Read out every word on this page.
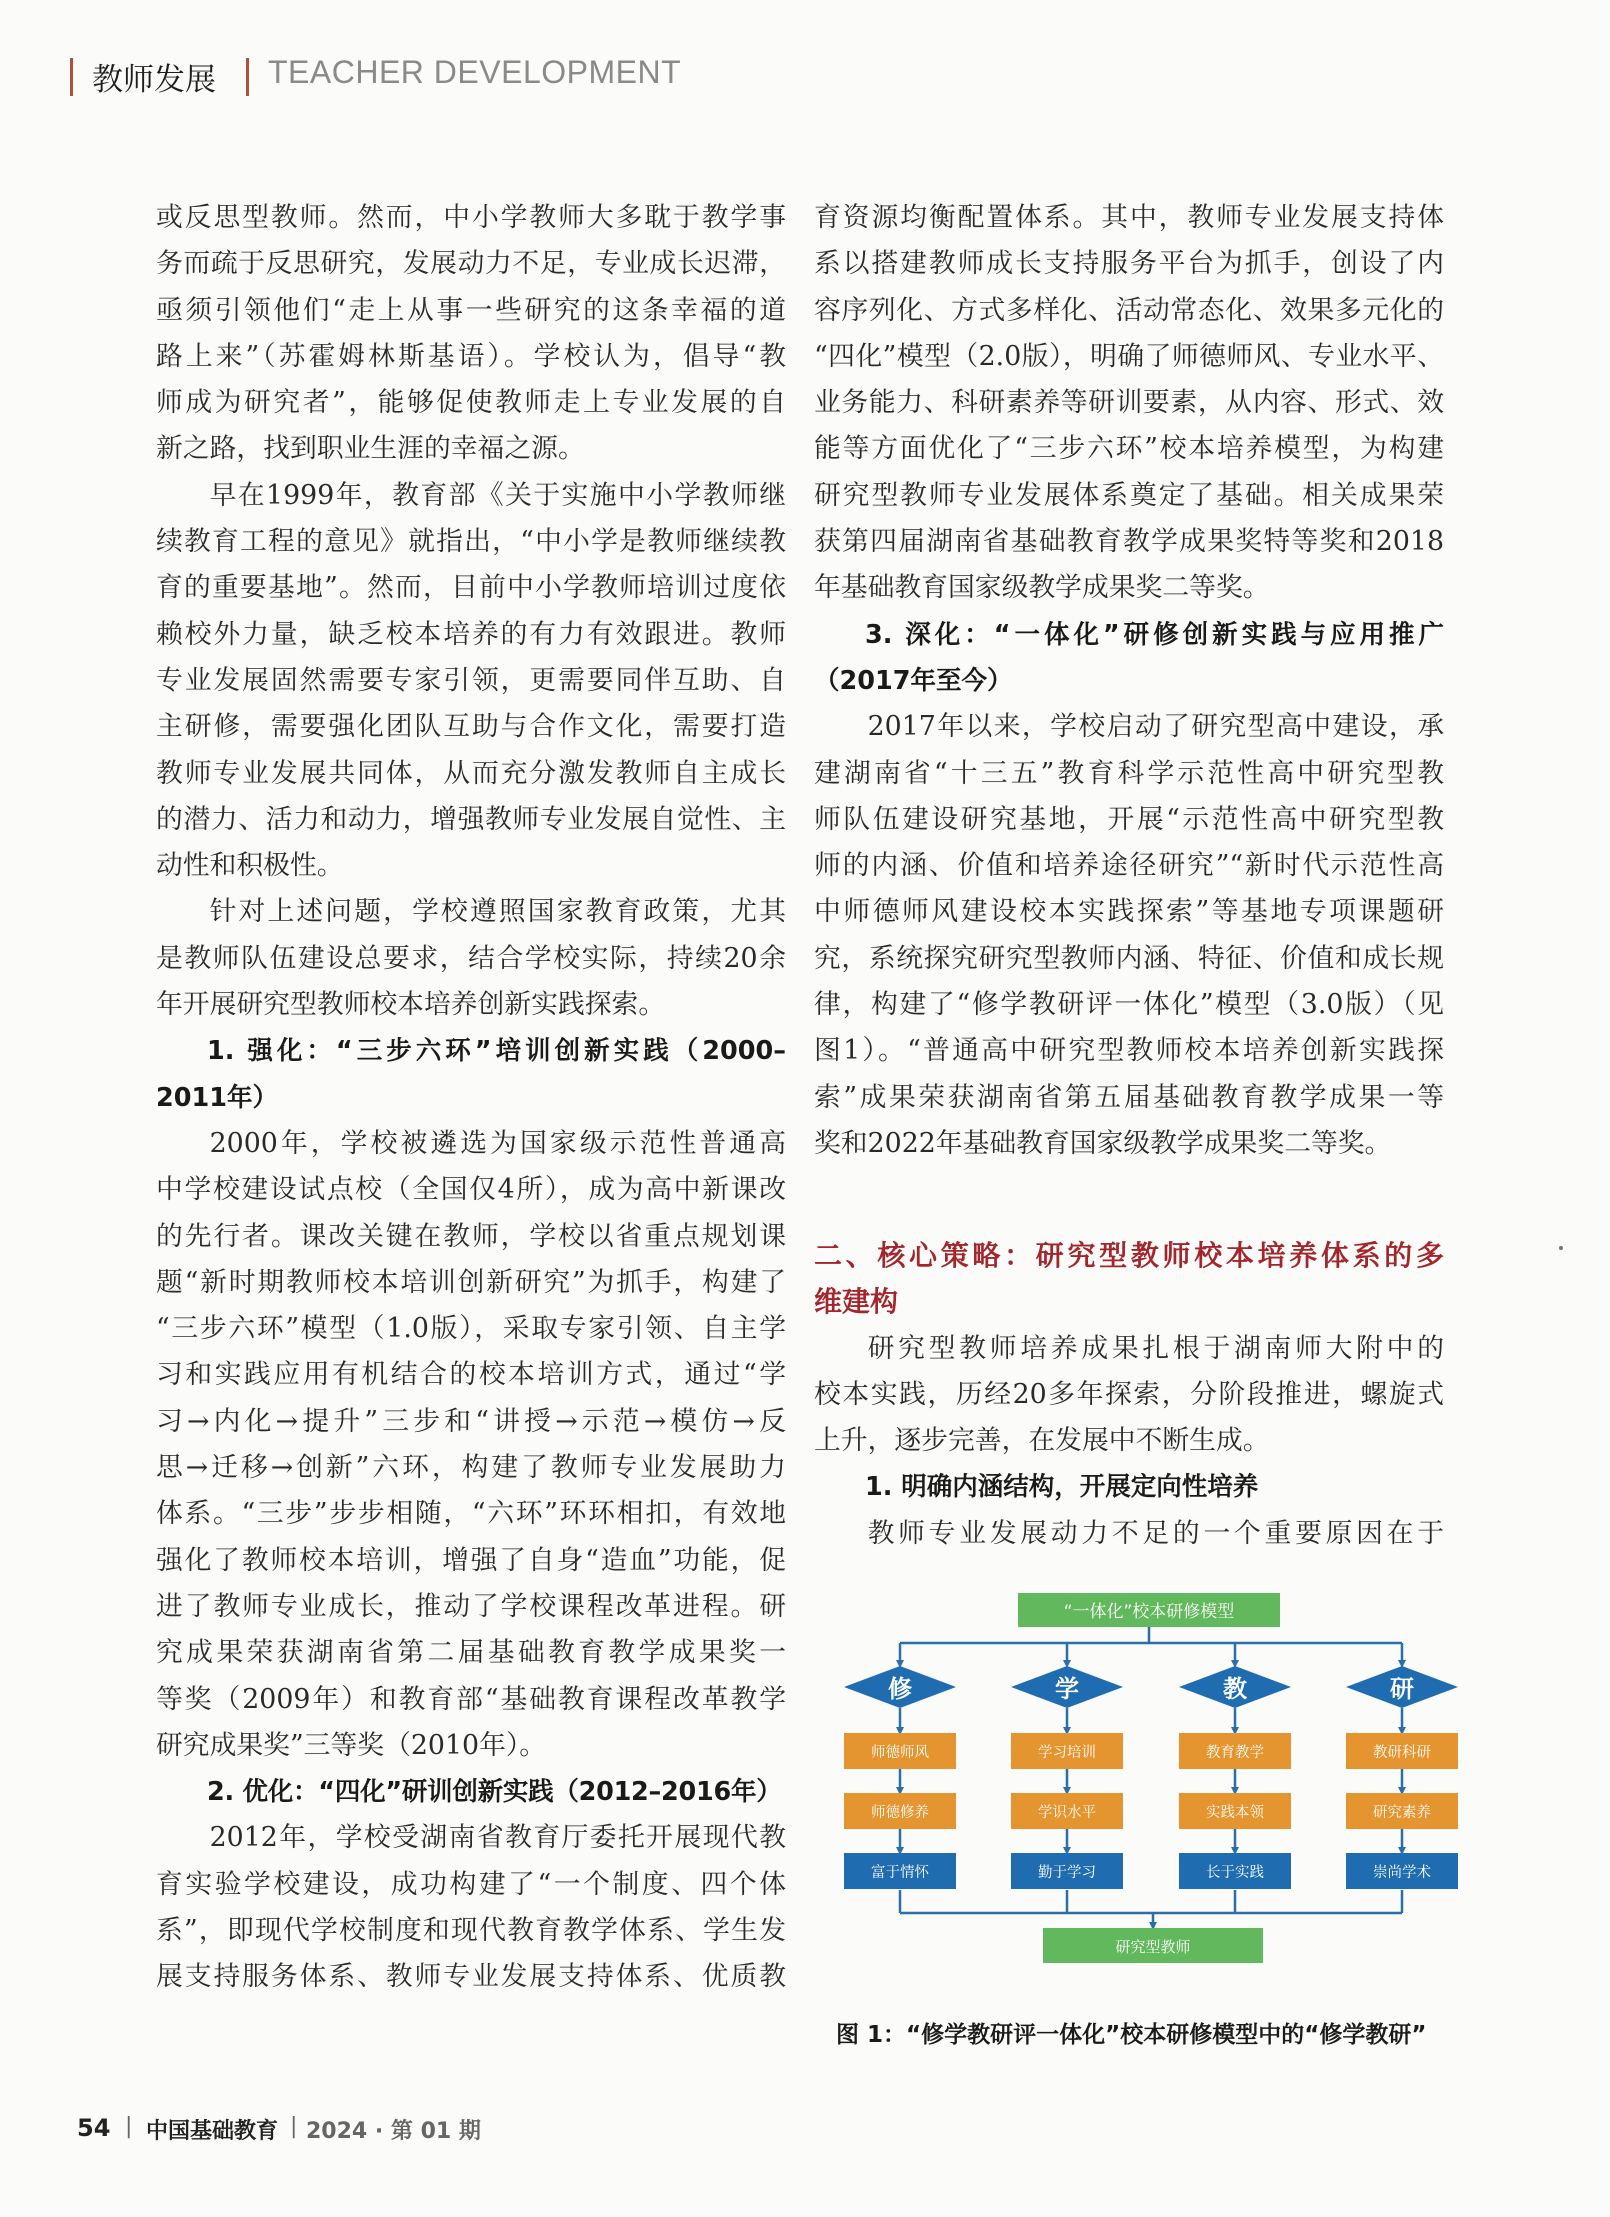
教师发展 TEACHER DEVELOPMENT
或反思型教师。然而，中小学教师大多耽于教学事
务而疏于反思研究，发展动力不足，专业成长迟滞，
亟须引领他们“走上从事一些研究的这条幸福的道
路上来”（苏霍姆林斯基语）。学校认为，倡导“教
师成为研究者”，能够促使教师走上专业发展的自
新之路，找到职业生涯的幸福之源。
早在1999年，教育部《关于实施中小学教师继
续教育工程的意见》就指出，“中小学是教师继续教
育的重要基地”。然而，目前中小学教师培训过度依
赖校外力量，缺乏校本培养的有力有效跟进。教师
专业发展固然需要专家引领，更需要同伴互助、自
主研修，需要强化团队互助与合作文化，需要打造
教师专业发展共同体，从而充分激发教师自主成长
的潜力、活力和动力，增强教师专业发展自觉性、主
动性和积极性。
针对上述问题，学校遵照国家教育政策，尤其
是教师队伍建设总要求，结合学校实际，持续20余
年开展研究型教师校本培养创新实践探索。
1. 强化：“三步六环”培训创新实践（2000–
2011年）
2000年，学校被遴选为国家级示范性普通高
中学校建设试点校（全国仅4所），成为高中新课改
的先行者。课改关键在教师，学校以省重点规划课
题“新时期教师校本培训创新研究”为抓手，构建了
“三步六环”模型（1.0版），采取专家引领、自主学
习和实践应用有机结合的校本培训方式，通过“学
习→内化→提升”三步和“讲授→示范→模仿→反
思→迁移→创新”六环，构建了教师专业发展助力
体系。“三步”步步相随，“六环”环环相扣，有效地
强化了教师校本培训，增强了自身“造血”功能，促
进了教师专业成长，推动了学校课程改革进程。研
究成果荣获湖南省第二届基础教育教学成果奖一
等奖（2009年）和教育部“基础教育课程改革教学
研究成果奖”三等奖（2010年）。
2. 优化：“四化”研训创新实践（2012–2016年）
2012年，学校受湖南省教育厅委托开展现代教
育实验学校建设，成功构建了“一个制度、四个体
系”，即现代学校制度和现代教育教学体系、学生发
展支持服务体系、教师专业发展支持体系、优质教
育资源均衡配置体系。其中，教师专业发展支持体
系以搭建教师成长支持服务平台为抓手，创设了内
容序列化、方式多样化、活动常态化、效果多元化的
“四化”模型（2.0版），明确了师德师风、专业水平、
业务能力、科研素养等研训要素，从内容、形式、效
能等方面优化了“三步六环”校本培养模型，为构建
研究型教师专业发展体系奠定了基础。相关成果荣
获第四届湖南省基础教育教学成果奖特等奖和2018
年基础教育国家级教学成果奖二等奖。
3. 深化：“一体化”研修创新实践与应用推广
（2017年至今）
2017年以来，学校启动了研究型高中建设，承
建湖南省“十三五”教育科学示范性高中研究型教
师队伍建设研究基地，开展“示范性高中研究型教
师的内涵、价值和培养途径研究”“新时代示范性高
中师德师风建设校本实践探索”等基地专项课题研
究，系统探究研究型教师内涵、特征、价值和成长规
律，构建了“修学教研评一体化”模型（3.0版）（见
图1）。“普通高中研究型教师校本培养创新实践探
索”成果荣获湖南省第五届基础教育教学成果一等
奖和2022年基础教育国家级教学成果奖二等奖。
二、核心策略：研究型教师校本培养体系的多
维建构
研究型教师培养成果扎根于湖南师大附中的
校本实践，历经20多年探索，分阶段推进，螺旋式
上升，逐步完善，在发展中不断生成。
1. 明确内涵结构，开展定向性培养
教师专业发展动力不足的一个重要原因在于
“一体化”校本研修模型
修
师德师风
师德修养
富于情怀
学
学习培训
学识水平
勤于学习
教
教育教学
实践本领
长于实践
研
教研科研
研究素养
崇尚学术
研究型教师
图 1：“修学教研评一体化”校本研修模型中的“修学教研”
54 | 中国基础教育 | 2024 · 第 01 期
